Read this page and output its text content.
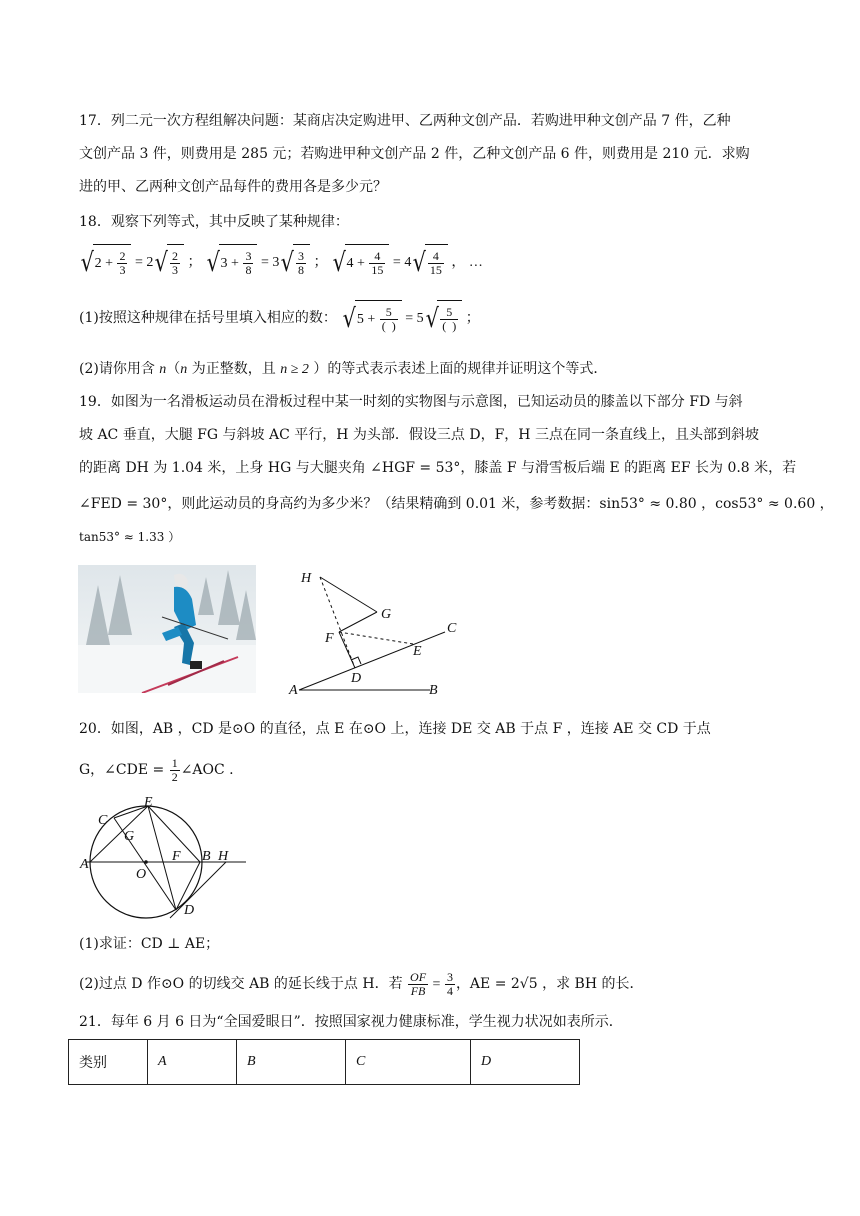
17．列二元一次方程组解决问题：某商店决定购进甲、乙两种文创产品．若购进甲种文创产品 7 件，乙种
文创产品 3 件，则费用是 285 元；若购进甲种文创产品 2 件，乙种文创产品 6 件，则费用是 210 元．求购
进的甲、乙两种文创产品每件的费用各是多少元？
18．观察下列等式，其中反映了某种规律：
$√2 + \frac{2}{3} = 2√ \frac{2}{3}$ ； $√3 + \frac{3}{8} = 3√ \frac{3}{8}$ ； $√4 + \frac{4}{15} = 4√ \frac{4}{15}$ ， …
(1)按照这种规律在括号里填入相应的数： $√5 + \frac{5}{( )} = 5√ \frac{5}{( )}$ ；
(2)请你用含 n（n 为正整数，且 n ≥ 2 ）的等式表示表述上面的规律并证明这个等式．
19．如图为一名滑板运动员在滑板过程中某一时刻的实物图与示意图，已知运动员的膝盖以下部分 FD 与斜
坡 AC 垂直，大腿 FG 与斜坡 AC 平行，H 为头部．假设三点 D，F，H 三点在同一条直线上，且头部到斜坡
的距离 DH 为 1.04 米，上身 HG 与大腿夹角 ∠HGF = 53°，膝盖 F 与滑雪板后端 E 的距离 EF 长为 0.8 米，若
∠FED = 30°，则此运动员的身高约为多少米？（结果精确到 0.01 米，参考数据：sin53° ≈ 0.80 ，cos53° ≈ 0.60 ，
tan53° ≈ 1.33 ）
H
G
F
C
E
D
A	B
20．如图，AB ，CD 是⊙O 的直径，点 E 在⊙O 上，连接 DE 交 AB 于点 F ，连接 AE 交 CD 于点
G，∠CDE = $\frac{1}{2}$ ∠AOC .
E
C
G
A
O
F B H
D
(1)求证：CD ⊥ AE；
(2)过点 D 作⊙O 的切线交 AB 的延长线于点 H．若 $\frac{OF}{FB} = \frac{3}{4}$ ，AE = 2√5 ，求 BH 的长．
21．每年 6 月 6 日为“全国爱眼日”．按照国家视力健康标准，学生视力状况如表所示．
类别	A	B	C	D
